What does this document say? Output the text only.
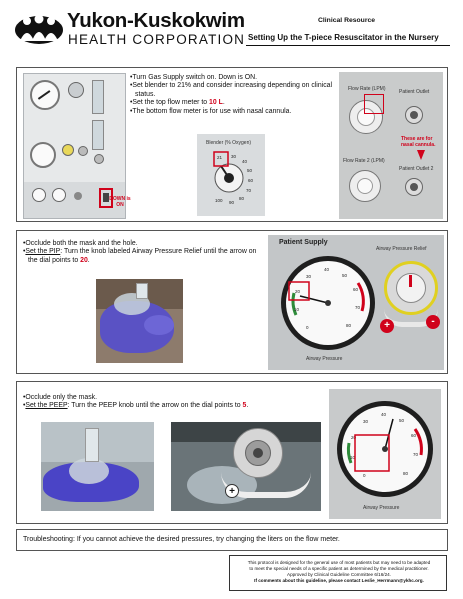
Yukon-Kuskokwim
HEALTH CORPORATION
Clinical Resource
Setting Up the T-piece Resuscitator in the Nursery
DOWN is ON
• Turn Gas Supply switch on. Down is ON.
• Set blender to 21% and consider increasing depending on clinical status.
• Set the top flow meter to 10 L.
• The bottom flow meter is for use with nasal cannula.
Blender (% Oxygen)
21 30
40
50
60
70
80
90
100
Flow Rate (LPM)	Patient Outlet
Flow Rate 2 (LPM)
Patient Outlet 2
These are for nasal cannula.
• Occlude both the mask and the hole.
• Set the PIP: Turn the knob labeled Airway Pressure Relief until the arrow on the dial points to 20.
Patient Supply
Airway Pressure Relief
0
10
20
30
40
50
60
70
80
Airway Pressure
+	-
• Occlude only the mask.
• Set the PEEP: Turn the PEEP knob until the arrow on the dial points to 5.
+
0
10
20
30
40
50
60
70
80
Airway Pressure
Troubleshooting: If you cannot achieve the desired pressures, try changing the liters on the flow meter.
This protocol is designed for the general use of most patients but may need to be adapted
to meet the special needs of a specific patient as determined by the medical practitioner.
Approved by Clinical Guideline Committee 6/16/24.
If comments about this guideline, please contact Leslie_Herrmann@ykhc.org.
